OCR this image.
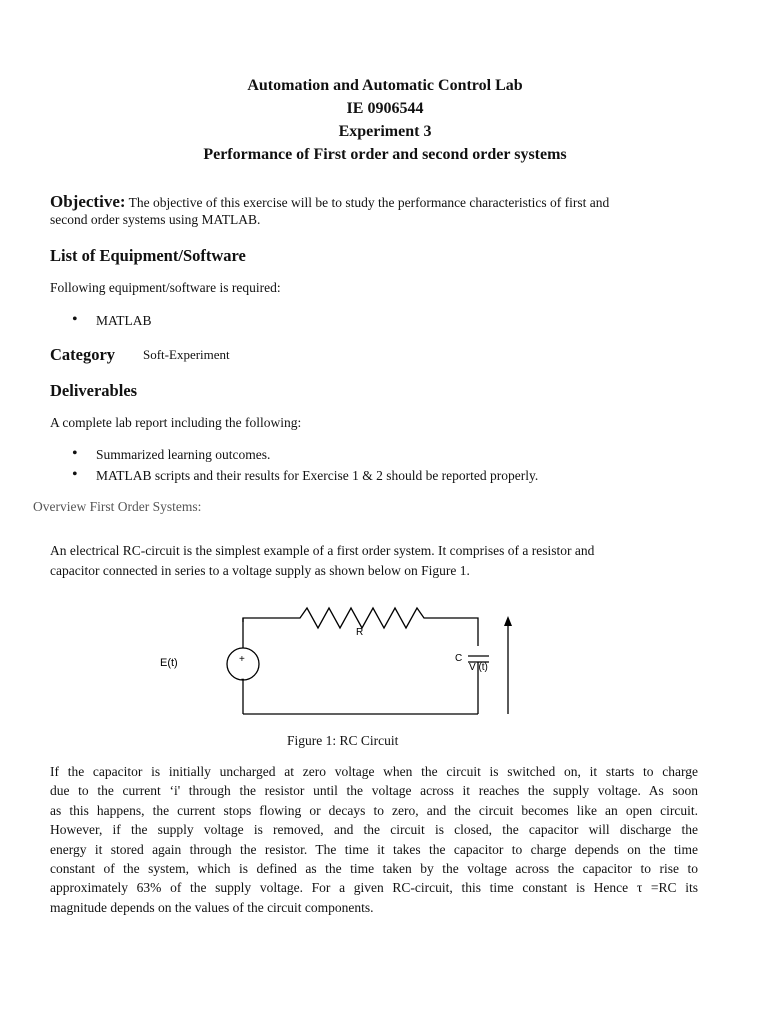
Automation and Automatic Control Lab
IE 0906544
Experiment 3
Performance of First order and second order systems
Objective: The objective of this exercise will be to study the performance characteristics of first and
second order systems using MATLAB.
List of Equipment/Software
Following equipment/software is required:
• MATLAB
Category Soft-Experiment
Deliverables
A complete lab report including the following:
• Summarized learning outcomes.
• MATLAB scripts and their results for Exercise 1 & 2 should be reported properly.
Overview First Order Systems:
An electrical RC-circuit is the simplest example of a first order system. It comprises of a resistor and
capacitor connected in series to a voltage supply as shown below on Figure 1.
R
C
+
-
E(t)	V (t)
Figure 1: RC Circuit
If the capacitor is initially uncharged at zero voltage when the circuit is switched on, it starts to charge
due to the current ‘i' through the resistor until the voltage across it reaches the supply voltage. As soon
as this happens, the current stops flowing or decays to zero, and the circuit becomes like an open circuit.
However, if the supply voltage is removed, and the circuit is closed, the capacitor will discharge the
energy it stored again through the resistor. The time it takes the capacitor to charge depends on the time
constant of the system, which is defined as the time taken by the voltage across the capacitor to rise to
approximately 63% of the supply voltage. For a given RC-circuit, this time constant is Hence τ =RC its
magnitude depends on the values of the circuit components.
